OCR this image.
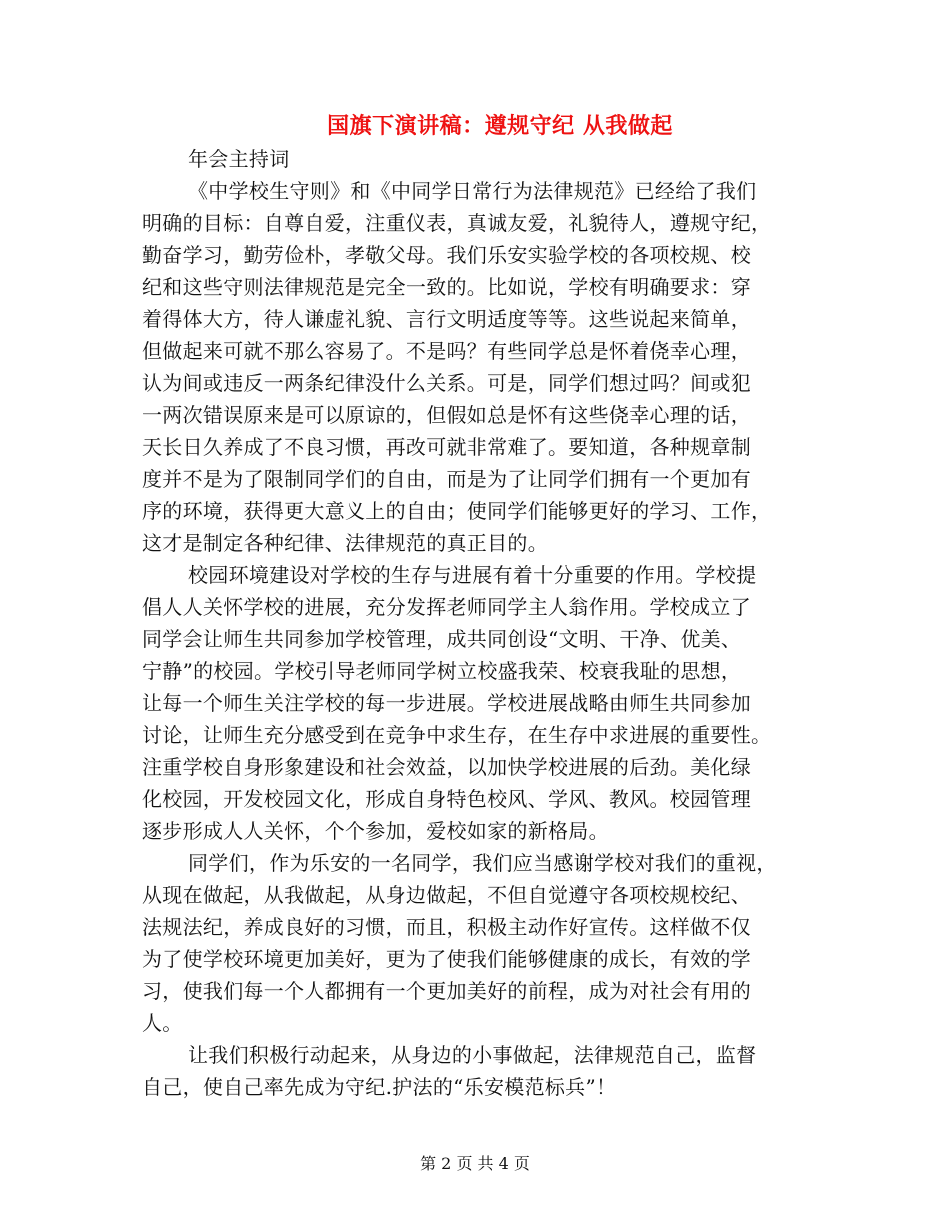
国旗下演讲稿：遵规守纪 从我做起
年会主持词
《中学校生守则》和《中同学日常行为法律规范》已经给了我们
明确的目标：自尊自爱，注重仪表，真诚友爱，礼貌待人，遵规守纪，
勤奋学习，勤劳俭朴，孝敬父母。我们乐安实验学校的各项校规、校
纪和这些守则法律规范是完全一致的。比如说，学校有明确要求：穿
着得体大方，待人谦虚礼貌、言行文明适度等等。这些说起来简单，
但做起来可就不那么容易了。不是吗？有些同学总是怀着侥幸心理，
认为间或违反一两条纪律没什么关系。可是，同学们想过吗？间或犯
一两次错误原来是可以原谅的，但假如总是怀有这些侥幸心理的话，
天长日久养成了不良习惯，再改可就非常难了。要知道，各种规章制
度并不是为了限制同学们的自由，而是为了让同学们拥有一个更加有
序的环境，获得更大意义上的自由；使同学们能够更好的学习、工作，
这才是制定各种纪律、法律规范的真正目的。
校园环境建设对学校的生存与进展有着十分重要的作用。学校提
倡人人关怀学校的进展，充分发挥老师同学主人翁作用。学校成立了
同学会让师生共同参加学校管理，成共同创设“文明、干净、优美、
宁静”的校园。学校引导老师同学树立校盛我荣、校衰我耻的思想，
让每一个师生关注学校的每一步进展。学校进展战略由师生共同参加
讨论，让师生充分感受到在竞争中求生存，在生存中求进展的重要性。
注重学校自身形象建设和社会效益，以加快学校进展的后劲。美化绿
化校园，开发校园文化，形成自身特色校风、学风、教风。校园管理
逐步形成人人关怀，个个参加，爱校如家的新格局。
同学们，作为乐安的一名同学，我们应当感谢学校对我们的重视，
从现在做起，从我做起，从身边做起，不但自觉遵守各项校规校纪、
法规法纪，养成良好的习惯，而且，积极主动作好宣传。这样做不仅
为了使学校环境更加美好，更为了使我们能够健康的成长，有效的学
习，使我们每一个人都拥有一个更加美好的前程，成为对社会有用的
人。
让我们积极行动起来，从身边的小事做起，法律规范自己，监督
自己，使自己率先成为守纪.护法的“乐安模范标兵”！
第 2 页 共 4 页
